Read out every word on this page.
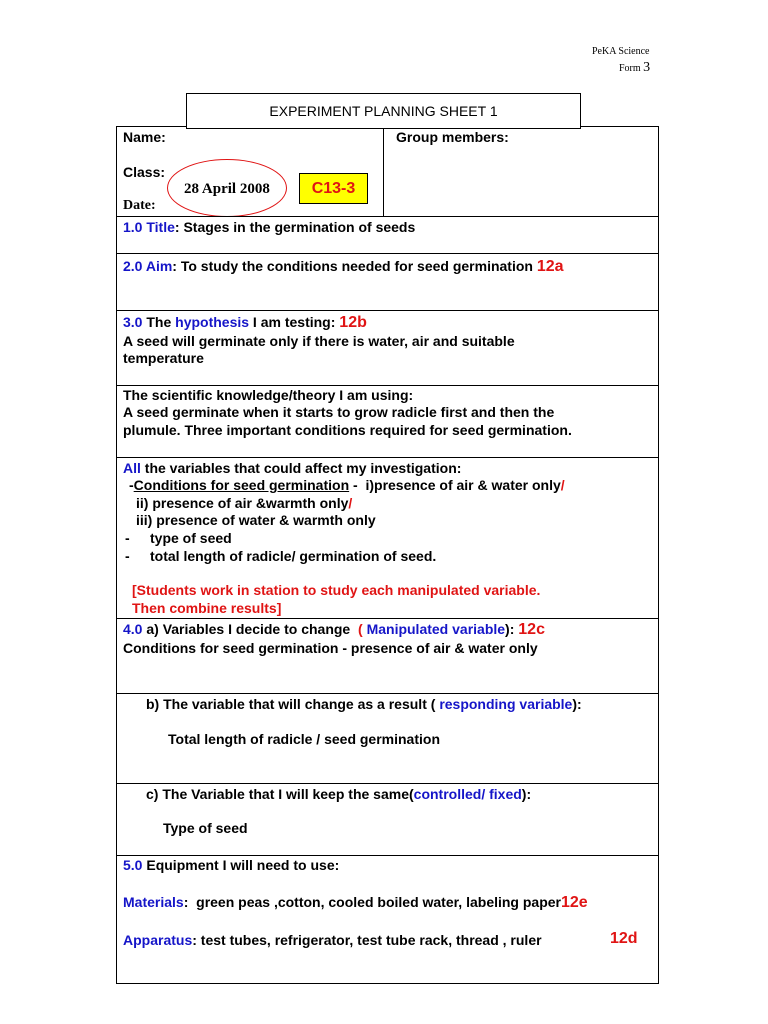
PeKA Science
Form 3
EXPERIMENT PLANNING SHEET 1
Name:
Class:
Date:
28 April 2008	C13-3
Group members:
1.0 Title: Stages in the germination of seeds
2.0 Aim: To study the conditions needed for seed germination 12a
3.0 The hypothesis I am testing: 12b
A seed will germinate only if there is water, air and suitable
temperature
The scientific knowledge/theory I am using:
A seed germinate when it starts to grow radicle first and then the
plumule. Three important conditions required for seed germination.
All the variables that could affect my investigation:
-Conditions for seed germination -  i)presence of air & water only/
ii) presence of air &warmth only/
iii) presence of water & warmth only
- type of seed
- total length of radicle/ germination of seed.
[Students work in station to study each manipulated variable.
Then combine results]
4.0 a) Variables I decide to change  ( Manipulated variable): 12c
Conditions for seed germination - presence of air & water only
b) The variable that will change as a result ( responding variable):
Total length of radicle / seed germination
c) The Variable that I will keep the same(controlled/ fixed):
Type of seed
5.0 Equipment I will need to use:
Materials:  green peas ,cotton, cooled boiled water, labeling paper12e
Apparatus: test tubes, refrigerator, test tube rack, thread , ruler	12d
